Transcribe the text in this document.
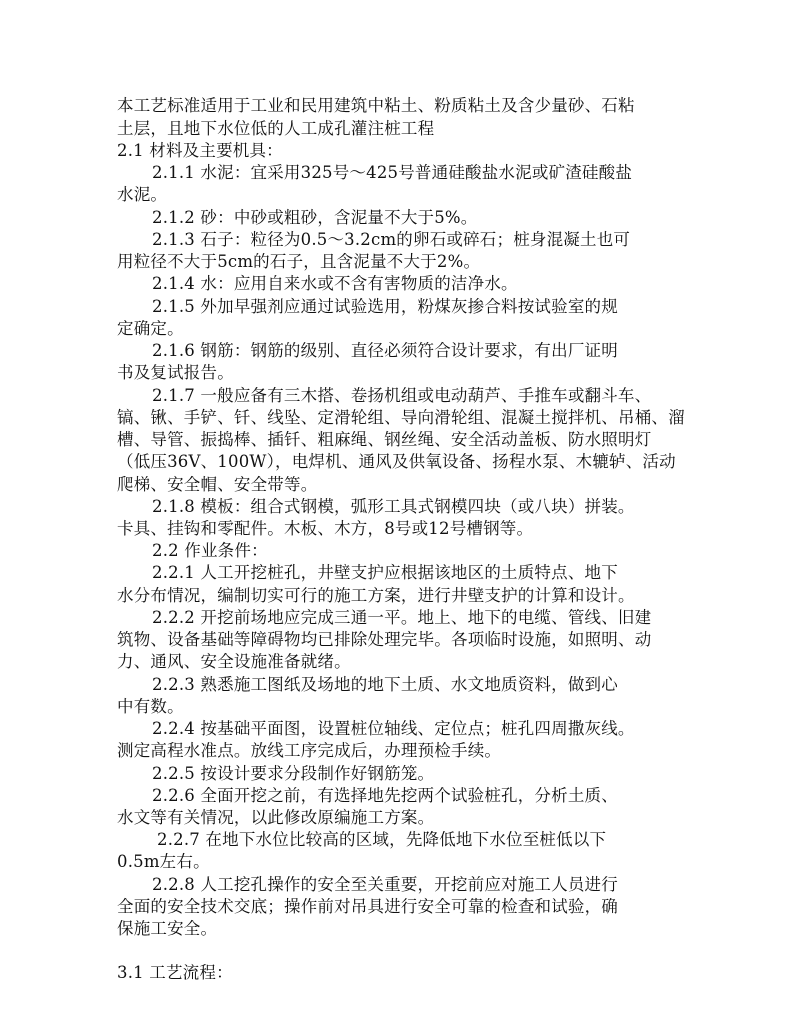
本工艺标准适用于工业和民用建筑中粘土、粉质粘土及含少量砂、石粘
土层，且地下水位低的人工成孔灌注桩工程
2.1 材料及主要机具：
2.1.1 水泥：宜采用325号～425号普通硅酸盐水泥或矿渣硅酸盐
水泥。
2.1.2 砂：中砂或粗砂，含泥量不大于5%。
2.1.3 石子：粒径为0.5～3.2cm的卵石或碎石；桩身混凝土也可
用粒径不大于5cm的石子，且含泥量不大于2%。
2.1.4 水：应用自来水或不含有害物质的洁净水。
2.1.5 外加早强剂应通过试验选用，粉煤灰掺合料按试验室的规
定确定。
2.1.6 钢筋：钢筋的级别、直径必须符合设计要求，有出厂证明
书及复试报告。
2.1.7 一般应备有三木搭、卷扬机组或电动葫芦、手推车或翻斗车、
镐、锹、手铲、钎、线坠、定滑轮组、导向滑轮组、混凝土搅拌机、吊桶、溜
槽、导管、振捣棒、插钎、粗麻绳、钢丝绳、安全活动盖板、防水照明灯
（低压36V、100W），电焊机、通风及供氧设备、扬程水泵、木辘轳、活动
爬梯、安全帽、安全带等。
2.1.8 模板：组合式钢模，弧形工具式钢模四块（或八块）拼装。
卡具、挂钩和零配件。木板、木方，8号或12号槽钢等。
2.2 作业条件：
2.2.1 人工开挖桩孔，井壁支护应根据该地区的土质特点、地下
水分布情况，编制切实可行的施工方案，进行井壁支护的计算和设计。
2.2.2 开挖前场地应完成三通一平。地上、地下的电缆、管线、旧建
筑物、设备基础等障碍物均已排除处理完毕。各项临时设施，如照明、动
力、通风、安全设施准备就绪。
2.2.3 熟悉施工图纸及场地的地下土质、水文地质资料，做到心
中有数。
2.2.4 按基础平面图，设置桩位轴线、定位点；桩孔四周撒灰线。
测定高程水准点。放线工序完成后，办理预检手续。
2.2.5 按设计要求分段制作好钢筋笼。
2.2.6 全面开挖之前，有选择地先挖两个试验桩孔，分析土质、
水文等有关情况，以此修改原编施工方案。
2.2.7 在地下水位比较高的区域，先降低地下水位至桩低以下
0.5m左右。
2.2.8 人工挖孔操作的安全至关重要，开挖前应对施工人员进行
全面的安全技术交底；操作前对吊具进行安全可靠的检查和试验，确
保施工安全。
3.1 工艺流程：
